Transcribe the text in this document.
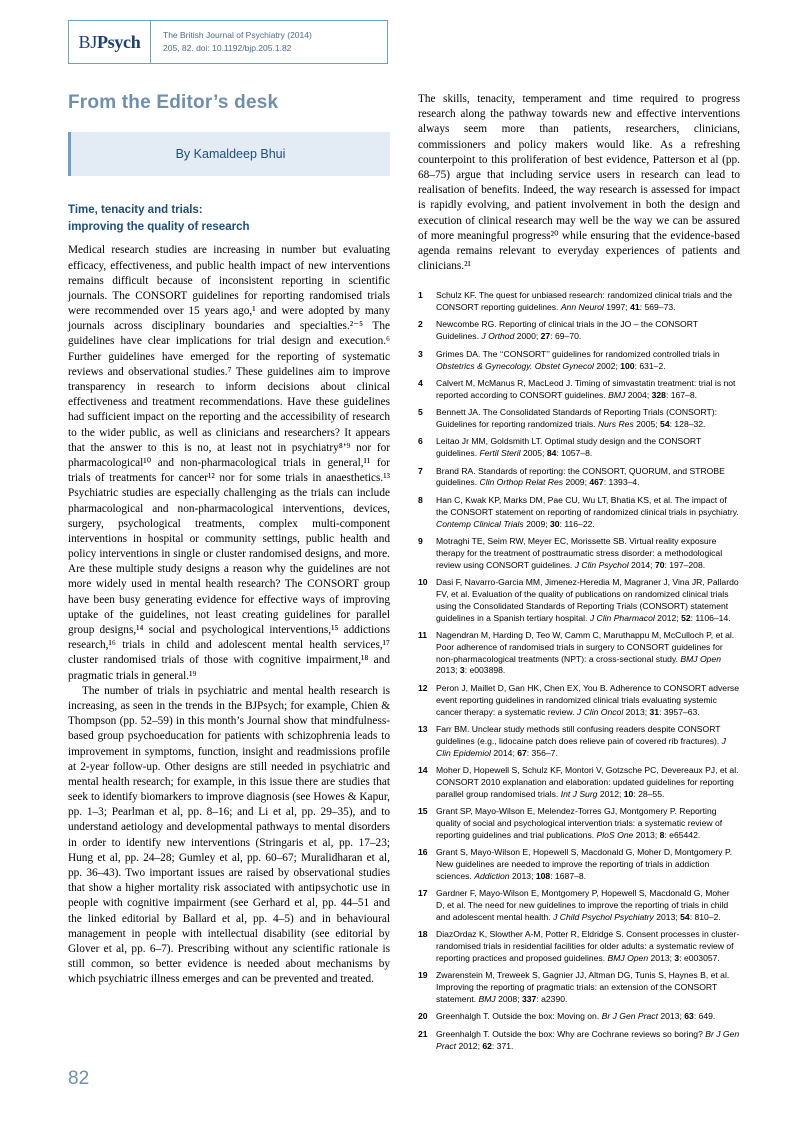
BJPsych	The British Journal of Psychiatry (2014)
205, 82. doi: 10.1192/bjp.205.1.82
From the Editor’s desk
By Kamaldeep Bhui
Time, tenacity and trials:
improving the quality of research

Medical research studies are increasing in number but evaluating efficacy, effectiveness, and public health impact of new interventions remains difficult because of inconsistent reporting in scientific journals. The CONSORT guidelines for reporting randomised trials were recommended over 15 years ago,¹ and were adopted by many journals across disciplinary boundaries and specialties.²⁻⁵ The guidelines have clear implications for trial design and execution.⁶ Further guidelines have emerged for the reporting of systematic reviews and observational studies.⁷ These guidelines aim to improve transparency in research to inform decisions about clinical effectiveness and treatment recommendations. Have these guidelines had sufficient impact on the reporting and the accessibility of research to the wider public, as well as clinicians and researchers? It appears that the answer to this is no, at least not in psychiatry⁸’⁹ nor for pharmacological¹⁰ and non-pharmacological trials in general,¹¹ for trials of treatments for cancer¹² nor for some trials in anaesthetics.¹³ Psychiatric studies are especially challenging as the trials can include pharmacological and non-pharmacological interventions, devices, surgery, psychological treatments, complex multi-component interventions in hospital or community settings, public health and policy interventions in single or cluster randomised designs, and more. Are these multiple study designs a reason why the guidelines are not more widely used in mental health research? The CONSORT group have been busy generating evidence for effective ways of improving uptake of the guidelines, not least creating guidelines for parallel group designs,¹⁴ social and psychological interventions,¹⁵ addictions research,¹⁶ trials in child and adolescent mental health services,¹⁷ cluster randomised trials of those with cognitive impairment,¹⁸ and pragmatic trials in general.¹⁹

The number of trials in psychiatric and mental health research is increasing, as seen in the trends in the BJPsych; for example, Chien & Thompson (pp. 52–59) in this month’s Journal show that mindfulness-based group psychoeducation for patients with schizophrenia leads to improvement in symptoms, function, insight and readmissions profile at 2-year follow-up. Other designs are still needed in psychiatric and mental health research; for example, in this issue there are studies that seek to identify biomarkers to improve diagnosis (see Howes & Kapur, pp. 1–3; Pearlman et al, pp. 8–16; and Li et al, pp. 29–35), and to understand aetiology and developmental pathways to mental disorders in order to identify new interventions (Stringaris et al, pp. 17–23; Hung et al, pp. 24–28; Gumley et al, pp. 60–67; Muralidharan et al, pp. 36–43). Two important issues are raised by observational studies that show a higher mortality risk associated with antipsychotic use in people with cognitive impairment (see Gerhard et al, pp. 44–51 and the linked editorial by Ballard et al, pp. 4–5) and in behavioural management in people with intellectual disability (see editorial by Glover et al, pp. 6–7). Prescribing without any scientific rationale is still common, so better evidence is needed about mechanisms by which psychiatric illness emerges and can be prevented and treated.

The skills, tenacity, temperament and time required to progress research along the pathway towards new and effective interventions always seem more than patients, researchers, clinicians, commissioners and policy makers would like. As a refreshing counterpoint to this proliferation of best evidence, Patterson et al (pp. 68–75) argue that including service users in research can lead to realisation of benefits. Indeed, the way research is assessed for impact is rapidly evolving, and patient involvement in both the design and execution of clinical research may well be the way we can be assured of more meaningful progress²⁰ while ensuring that the evidence-based agenda remains relevant to everyday experiences of patients and clinicians.²¹

1 Schulz KF. The quest for unbiased research: randomized clinical trials and the CONSORT reporting guidelines. Ann Neurol 1997; 41: 569–73.
2 Newcombe RG. Reporting of clinical trials in the JO – the CONSORT Guidelines. J Orthod 2000; 27: 69–70.
3 Grimes DA. The ‘‘CONSORT’’ guidelines for randomized controlled trials in Obstetrics & Gynecology. Obstet Gynecol 2002; 100: 631–2.
4 Calvert M, McManus R, MacLeod J. Timing of simvastatin treatment: trial is not reported according to CONSORT guidelines. BMJ 2004; 328: 167–8.
5 Bennett JA. The Consolidated Standards of Reporting Trials (CONSORT): Guidelines for reporting randomized trials. Nurs Res 2005; 54: 128–32.
6 Leitao Jr MM, Goldsmith LT. Optimal study design and the CONSORT guidelines. Fertil Steril 2005; 84: 1057–8.
7 Brand RA. Standards of reporting: the CONSORT, QUORUM, and STROBE guidelines. Clin Orthop Relat Res 2009; 467: 1393–4.
8 Han C, Kwak KP, Marks DM, Pae CU, Wu LT, Bhatia KS, et al. The impact of the CONSORT statement on reporting of randomized clinical trials in psychiatry. Contemp Clinical Trials 2009; 30: 116–22.
9 Motraghi TE, Seim RW, Meyer EC, Morissette SB. Virtual reality exposure therapy for the treatment of posttraumatic stress disorder: a methodological review using CONSORT guidelines. J Clin Psychol 2014; 70: 197–208.
10 Dasi F, Navarro-Garcia MM, Jimenez-Heredia M, Magraner J, Vina JR, Pallardo FV, et al. Evaluation of the quality of publications on randomized clinical trials using the Consolidated Standards of Reporting Trials (CONSORT) statement guidelines in a Spanish tertiary hospital. J Clin Pharmacol 2012; 52: 1106–14.
11 Nagendran M, Harding D, Teo W, Camm C, Maruthappu M, McCulloch P, et al. Poor adherence of randomised trials in surgery to CONSORT guidelines for non-pharmacological treatments (NPT): a cross-sectional study. BMJ Open 2013; 3: e003898.
12 Peron J, Maillet D, Gan HK, Chen EX, You B. Adherence to CONSORT adverse event reporting guidelines in randomized clinical trials evaluating systemic cancer therapy: a systematic review. J Clin Oncol 2013; 31: 3957–63.
13 Farr BM. Unclear study methods still confusing readers despite CONSORT guidelines (e.g., lidocaine patch does relieve pain of covered rib fractures). J Clin Epidemiol 2014; 67: 356–7.
14 Moher D, Hopewell S, Schulz KF, Montori V, Gotzsche PC, Devereaux PJ, et al. CONSORT 2010 explanation and elaboration: updated guidelines for reporting parallel group randomised trials. Int J Surg 2012; 10: 28–55.
15 Grant SP, Mayo-Wilson E, Melendez-Torres GJ, Montgomery P. Reporting quality of social and psychological intervention trials: a systematic review of reporting guidelines and trial publications. PloS One 2013; 8: e65442.
16 Grant S, Mayo-Wilson E, Hopewell S, Macdonald G, Moher D, Montgomery P. New guidelines are needed to improve the reporting of trials in addiction sciences. Addiction 2013; 108: 1687–8.
17 Gardner F, Mayo-Wilson E, Montgomery P, Hopewell S, Macdonald G, Moher D, et al. The need for new guidelines to improve the reporting of trials in child and adolescent mental health. J Child Psychol Psychiatry 2013; 54: 810–2.
18 DiazOrdaz K, Slowther A-M, Potter R, Eldridge S. Consent processes in cluster-randomised trials in residential facilities for older adults: a systematic review of reporting practices and proposed guidelines. BMJ Open 2013; 3: e003057.
19 Zwarenstein M, Treweek S, Gagnier JJ, Altman DG, Tunis S, Haynes B, et al. Improving the reporting of pragmatic trials: an extension of the CONSORT statement. BMJ 2008; 337: a2390.
20 Greenhalgh T. Outside the box: Moving on. Br J Gen Pract 2013; 63: 649.
21 Greenhalgh T. Outside the box: Why are Cochrane reviews so boring? Br J Gen Pract 2012; 62: 371.
82
